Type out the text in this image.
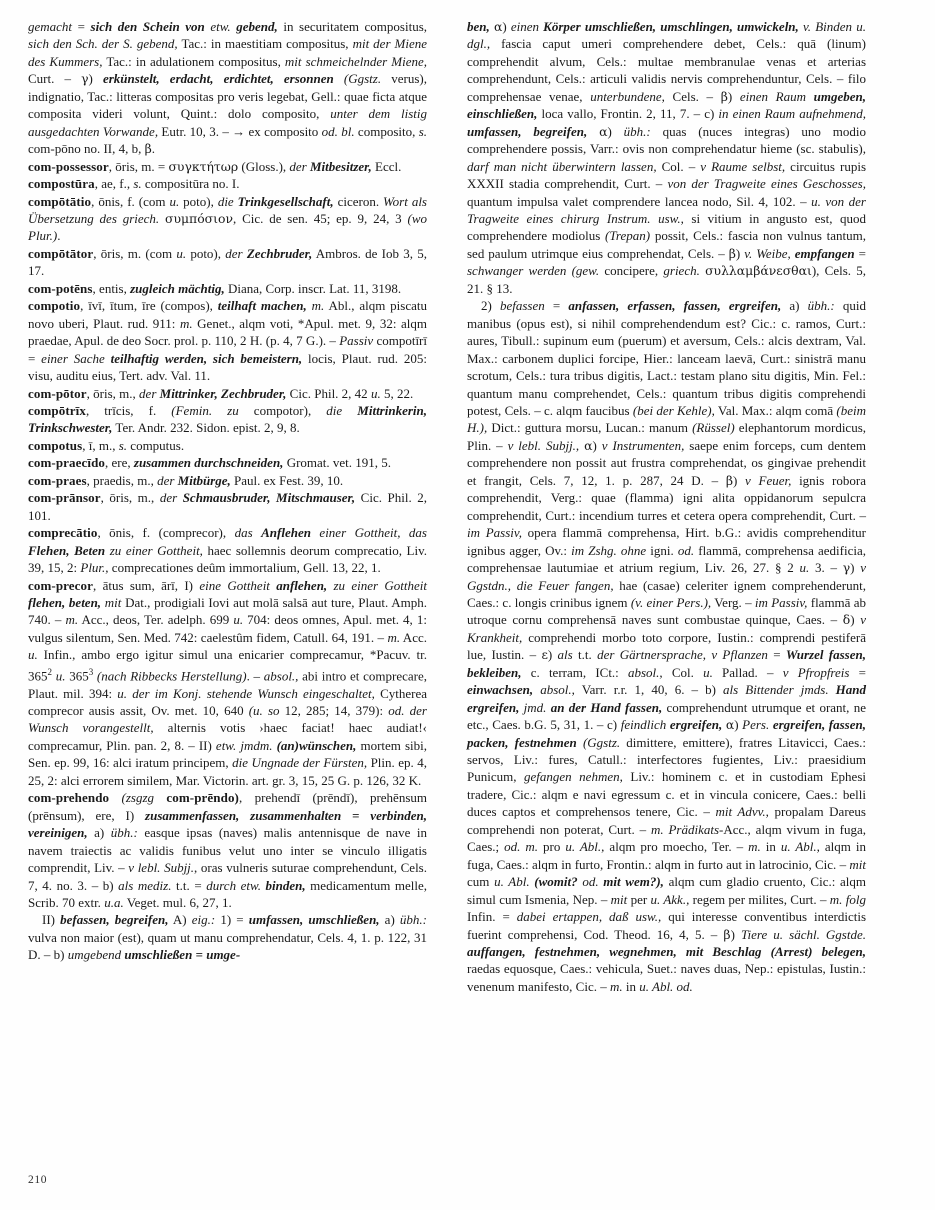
gemacht = sich den Schein von etw. gebend, in securitatem compositus, sich den Sch. der S. gebend, Tac.: in maestitiam compositus, mit der Miene des Kummers, Tac.: in adulationem compositus, mit schmeichelnder Miene, Curt. – γ) erkünstelt, erdacht, erdichtet, ersonnen (Ggstz. verus), indignatio, Tac.: litteras compositas pro veris legebat, Gell.: quae ficta atque composita videri volunt, Quint.: dolo composito, unter dem listig ausgedachten Vorwande, Eutr. 10, 3. – → ex composito od. bl. composito, s. com-pōno no. II, 4, b, β.

com-possessor, ōris, m. = συγκτήτωρ (Gloss.), der Mitbesitzer, Eccl.

compostūra, ae, f., s. compositūra no. I.

compōtātio, ōnis, f. (com u. poto), die Trinkgesellschaft, ciceron. Wort als Übersetzung des griech. συμπόσιον, Cic. de sen. 45; ep. 9, 24, 3 (wo Plur.).

compōtātor, ōris, m. (com u. poto), der Zechbruder, Ambros. de Iob 3, 5, 17.

com-potēns, entis, zugleich mächtig, Diana, Corp. inscr. Lat. 11, 3198.

compotio, īvī, ītum, īre (compos), teilhaft machen, m. Abl., alqm piscatu novo uberi, Plaut. rud. 911: m. Genet., alqm voti, *Apul. met. 9, 32: alqm praedae, Apul. de deo Socr. prol. p. 110, 2 H. (p. 4, 7 G.). – Passiv compotīrī = einer Sache teilhaftig werden, sich bemeistern, locis, Plaut. rud. 205: visu, auditu eius, Tert. adv. Val. 11.

com-pōtor, ōris, m., der Mittrinker, Zechbruder, Cic. Phil. 2, 42 u. 5, 22.

compōtrīx, trīcis, f. (Femin. zu compotor), die Mittrinkerin, Trinkschwester, Ter. Andr. 232. Sidon. epist. 2, 9, 8.

compotus, ī, m., s. computus.

com-praecīdo, ere, zusammen durchschneiden, Gromat. vet. 191, 5.

com-praes, praedis, m., der Mitbürge, Paul. ex Fest. 39, 10.

com-prānsor, ōris, m., der Schmausbruder, Mitschmauser, Cic. Phil. 2, 101.

comprecātio, ōnis, f. (comprecor), das Anflehen einer Gottheit, das Flehen, Beten zu einer Gottheit, haec sollemnis deorum comprecatio, Liv. 39, 15, 2: Plur., comprecationes deûm immortalium, Gell. 13, 22, 1.

com-precor, ātus sum, ārī, I) eine Gottheit anflehen, zu einer Gottheit flehen, beten, mit Dat., prodigiali Iovi aut molā salsā aut ture, Plaut. Amph. 740. – m. Acc., deos, Ter. adelph. 699 u. 704: deos omnes, Apul. met. 4, 1: vulgus silentum, Sen. Med. 742: caelestûm fidem, Catull. 64, 191. – m. Acc. u. Infin., ambo ergo igitur simul una enicarier comprecamur, *Pacuv. tr. $365^2$ u. $365^3$ (nach Ribbecks Herstellung). – absol., abi intro et comprecare, Plaut. mil. 394: u. der im Konj. stehende Wunsch eingeschaltet, Cytherea comprecor ausis assit, Ov. met. 10, 640 (u. so 12, 285; 14, 379): od. der Wunsch vorangestellt, alternis votis ›haec faciat! haec audiat!‹ comprecamur, Plin. pan. 2, 8. – II) etw. jmdm. (an)wünschen, mortem sibi, Sen. ep. 99, 16: alci iratum principem, die Ungnade der Fürsten, Plin. ep. 4, 25, 2: alci errorem similem, Mar. Victorin. art. gr. 3, 15, 25 G. p. 126, 32 K.

com-prehendo (zsgzg com-prēndo), prehendī (prēndī), prehēnsum (prēnsum), ere, I) zusammenfassen, zusammenhalten = verbinden, vereinigen, a) übh.: easque ipsas (naves) malis antennisque de nave in navem traiectis ac validis funibus velut uno inter se vinculo illigatis comprendit, Liv. – v lebl. Subjj., oras vulneris suturae comprehendunt, Cels. 7, 4. no. 3. – b) als mediz. t.t. = durch etw. binden, medicamentum melle, Scrib. 70 extr. u.a. Veget. mul. 6, 27, 1.

II) befassen, begreifen, A) eig.: 1) = umfassen, umschließen, a) übh.: vulva non maior (est), quam ut manu comprehendatur, Cels. 4, 1. p. 122, 31 D. – b) umgebend umschließen = umge-

ben, α) einen Körper umschließen, umschlingen, umwickeln, v. Binden u. dgl., fascia caput umeri comprehendere debet, Cels.: quā (linum) comprehendit alvum, Cels.: multae membranulae venas et arterias comprehendunt, Cels.: articuli validis nervis comprehenduntur, Cels. – filo comprehensae venae, unterbundene, Cels. – β) einen Raum umgeben, einschließen, loca vallo, Frontin. 2, 11, 7. – c) in einen Raum aufnehmend, umfassen, begreifen, α) übh.: quas (nuces integras) uno modio comprehendere possis, Varr.: ovis non comprehendatur hieme (sc. stabulis), darf man nicht überwintern lassen, Col. – v Raume selbst, circuitus rupis XXXII stadia comprehendit, Curt. – von der Tragweite eines Geschosses, quantum impulsa valet comprendere lancea nodo, Sil. 4, 102. – u. von der Tragweite eines chirurg Instrum. usw., si vitium in angusto est, quod comprehendere modiolus (Trepan) possit, Cels.: fascia non vulnus tantum, sed paulum utrimque eius comprehendat, Cels. – β) v. Weibe, empfangen = schwanger werden (gew. concipere, griech. συλλαμβάνεσθαι), Cels. 5, 21. § 13.

2) befassen = anfassen, erfassen, fassen, ergreifen, a) übh.: quid manibus (opus est), si nihil comprehendendum est? Cic.: c. ramos, Curt.: aures, Tibull.: supinum eum (puerum) et aversum, Cels.: alcis dextram, Val. Max.: carbonem duplici forcipe, Hier.: lanceam laevā, Curt.: sinistrā manu scrotum, Cels.: tura tribus digitis, Lact.: testam plano situ digitis, Min. Fel.: quantum manu comprehendet, Cels.: quantum tribus digitis comprehendi potest, Cels. – c. alqm faucibus (bei der Kehle), Val. Max.: alqm comā (beim H.), Dict.: guttura morsu, Lucan.: manum (Rüssel) elephantorum mordicus, Plin. – v lebl. Subjj., α) v Instrumenten, saepe enim forceps, cum dentem comprehendere non possit aut frustra comprehendat, os gingivae prehendit et frangit, Cels. 7, 12, 1. p. 287, 24 D. – β) v Feuer, ignis robora comprehendit, Verg.: quae (flamma) igni alita oppidanorum sepulcra comprehendit, Curt.: incendium turres et cetera opera comprehendit, Curt. – im Passiv, opera flammā comprehensa, Hirt. b.G.: avidis comprehenditur ignibus agger, Ov.: im Zshg. ohne igni. od. flammā, comprehensa aedificia, comprehensae lautumiae et atrium regium, Liv. 26, 27. § 2 u. 3. – γ) v Ggstdn., die Feuer fangen, hae (casae) celeriter ignem comprehenderunt, Caes.: c. longis crinibus ignem (v. einer Pers.), Verg. – im Passiv, flammā ab utroque cornu comprehensā naves sunt combustae quinque, Caes. – δ) v Krankheit, comprehendi morbo toto corpore, Iustin.: comprendi pestiferā lue, Iustin. – ε) als t.t. der Gärtnersprache, v Pflanzen = Wurzel fassen, bekleiben, c. terram, ICt.: absol., Col. u. Pallad. – v Pfropfreis = einwachsen, absol., Varr. r.r. 1, 40, 6. – b) als Bittender jmds. Hand ergreifen, jmd. an der Hand fassen, comprehendunt utrumque et orant, ne etc., Caes. b.G. 5, 31, 1. – c) feindlich ergreifen, α) Pers. ergreifen, fassen, packen, festnehmen (Ggstz. dimittere, emittere), fratres Litavicci, Caes.: servos, Liv.: fures, Catull.: interfectores fugientes, Liv.: praesidium Punicum, gefangen nehmen, Liv.: hominem c. et in custodiam Ephesi tradere, Cic.: alqm e navi egressum c. et in vincula conicere, Caes.: belli duces captos et comprehensos tenere, Cic. – mit Advv., propalam Dareus comprehendi non poterat, Curt. – m. Prädikats-Acc., alqm vivum in fuga, Caes.; od. m. pro u. Abl., alqm pro moecho, Ter. – m. in u. Abl., alqm in fuga, Caes.: alqm in furto, Frontin.: alqm in furto aut in latrocinio, Cic. – mit cum u. Abl. (womit? od. mit wem?), alqm cum gladio cruento, Cic.: alqm simul cum Ismenia, Nep. – mit per u. Akk., regem per milites, Curt. – m. folg Infin. = dabei ertappen, daß usw., qui interesse conventibus interdictis fuerint comprehensi, Cod. Theod. 16, 4, 5. – β) Tiere u. sächl. Ggstde. auffangen, festnehmen, wegnehmen, mit Beschlag (Arrest) belegen, raedas equosque, Caes.: vehicula, Suet.: naves duas, Nep.: epistulas, Iustin.: venenum manifesto, Cic. – m. in u. Abl. od.

210
